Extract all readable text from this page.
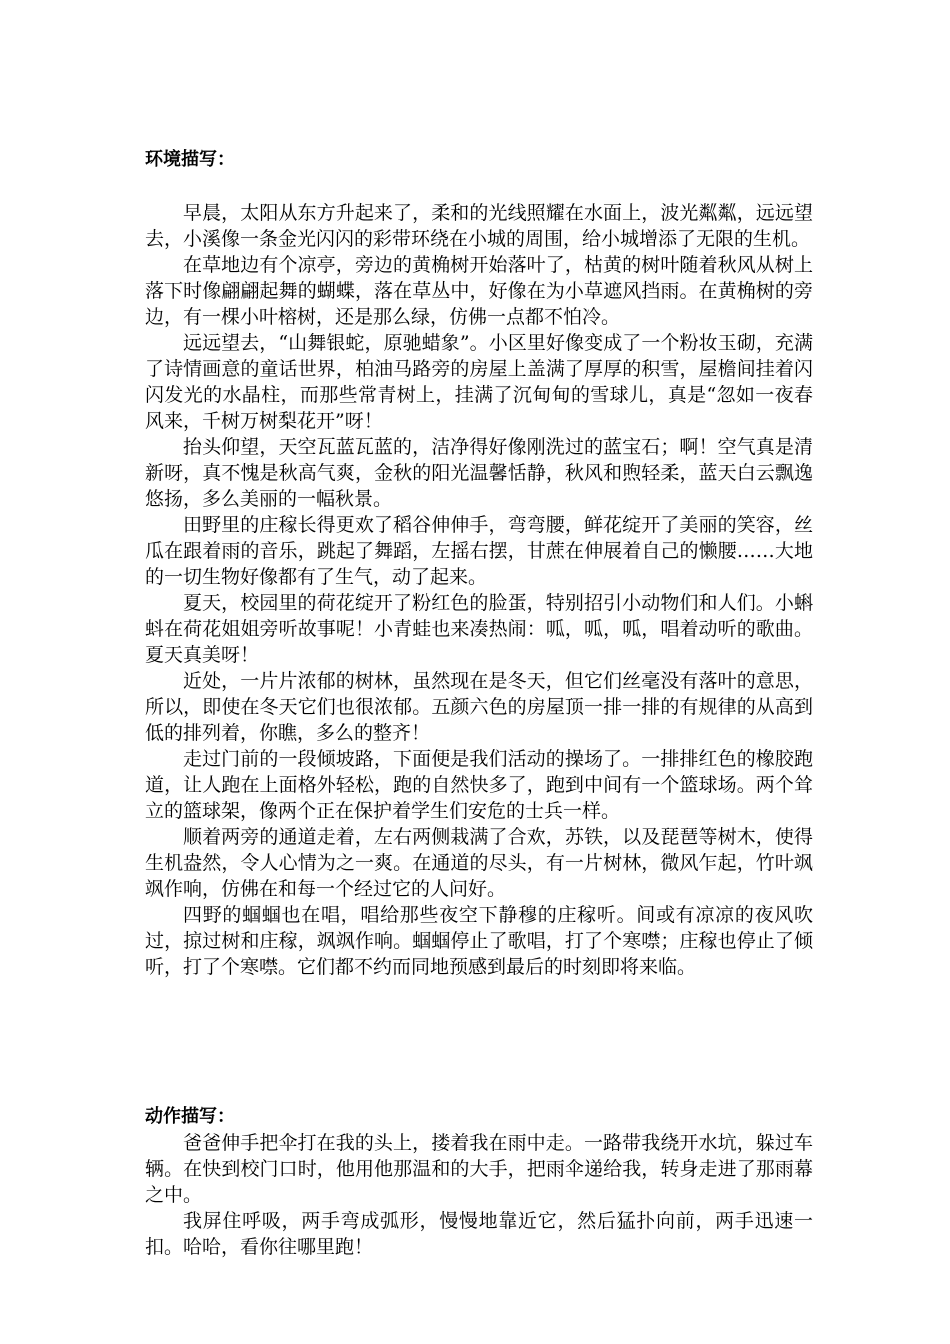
环境描写：

早晨，太阳从东方升起来了，柔和的光线照耀在水面上，波光粼粼，远远望去，小溪像一条金光闪闪的彩带环绕在小城的周围，给小城增添了无限的生机。

在草地边有个凉亭，旁边的黄桷树开始落叶了，枯黄的树叶随着秋风从树上落下时像翩翩起舞的蝴蝶，落在草丛中，好像在为小草遮风挡雨。在黄桷树的旁边，有一棵小叶榕树，还是那么绿，仿佛一点都不怕冷。

远远望去，“山舞银蛇，原驰蜡象”。小区里好像变成了一个粉妆玉砌，充满了诗情画意的童话世界，柏油马路旁的房屋上盖满了厚厚的积雪，屋檐间挂着闪闪发光的水晶柱，而那些常青树上，挂满了沉甸甸的雪球儿，真是“忽如一夜春风来，千树万树梨花开”呀！

抬头仰望，天空瓦蓝瓦蓝的，洁净得好像刚洗过的蓝宝石；啊！空气真是清新呀，真不愧是秋高气爽，金秋的阳光温馨恬静，秋风和煦轻柔，蓝天白云飘逸悠扬，多么美丽的一幅秋景。

田野里的庄稼长得更欢了稻谷伸伸手，弯弯腰，鲜花绽开了美丽的笑容，丝瓜在跟着雨的音乐，跳起了舞蹈，左摇右摆，甘蔗在伸展着自己的懒腰……大地的一切生物好像都有了生气，动了起来。

夏天，校园里的荷花绽开了粉红色的脸蛋，特别招引小动物们和人们。小蝌蚪在荷花姐姐旁听故事呢！小青蛙也来凑热闹：呱，呱，呱，唱着动听的歌曲。夏天真美呀！

近处，一片片浓郁的树林，虽然现在是冬天，但它们丝毫没有落叶的意思，所以，即使在冬天它们也很浓郁。五颜六色的房屋顶一排一排的有规律的从高到低的排列着，你瞧，多么的整齐！

走过门前的一段倾坡路，下面便是我们活动的操场了。一排排红色的橡胶跑道，让人跑在上面格外轻松，跑的自然快多了，跑到中间有一个篮球场。两个耸立的篮球架，像两个正在保护着学生们安危的士兵一样。

顺着两旁的通道走着，左右两侧栽满了合欢，苏铁，以及琵琶等树木，使得生机盎然，令人心情为之一爽。在通道的尽头，有一片树林，微风乍起，竹叶飒飒作响，仿佛在和每一个经过它的人问好。

四野的蝈蝈也在唱，唱给那些夜空下静穆的庄稼听。间或有凉凉的夜风吹过，掠过树和庄稼，飒飒作响。蝈蝈停止了歌唱，打了个寒噤；庄稼也停止了倾听，打了个寒噤。它们都不约而同地预感到最后的时刻即将来临。

动作描写：

爸爸伸手把伞打在我的头上，搂着我在雨中走。一路带我绕开水坑，躲过车辆。在快到校门口时，他用他那温和的大手，把雨伞递给我，转身走进了那雨幕之中。

我屏住呼吸，两手弯成弧形，慢慢地靠近它，然后猛扑向前，两手迅速一扣。哈哈，看你往哪里跑！
